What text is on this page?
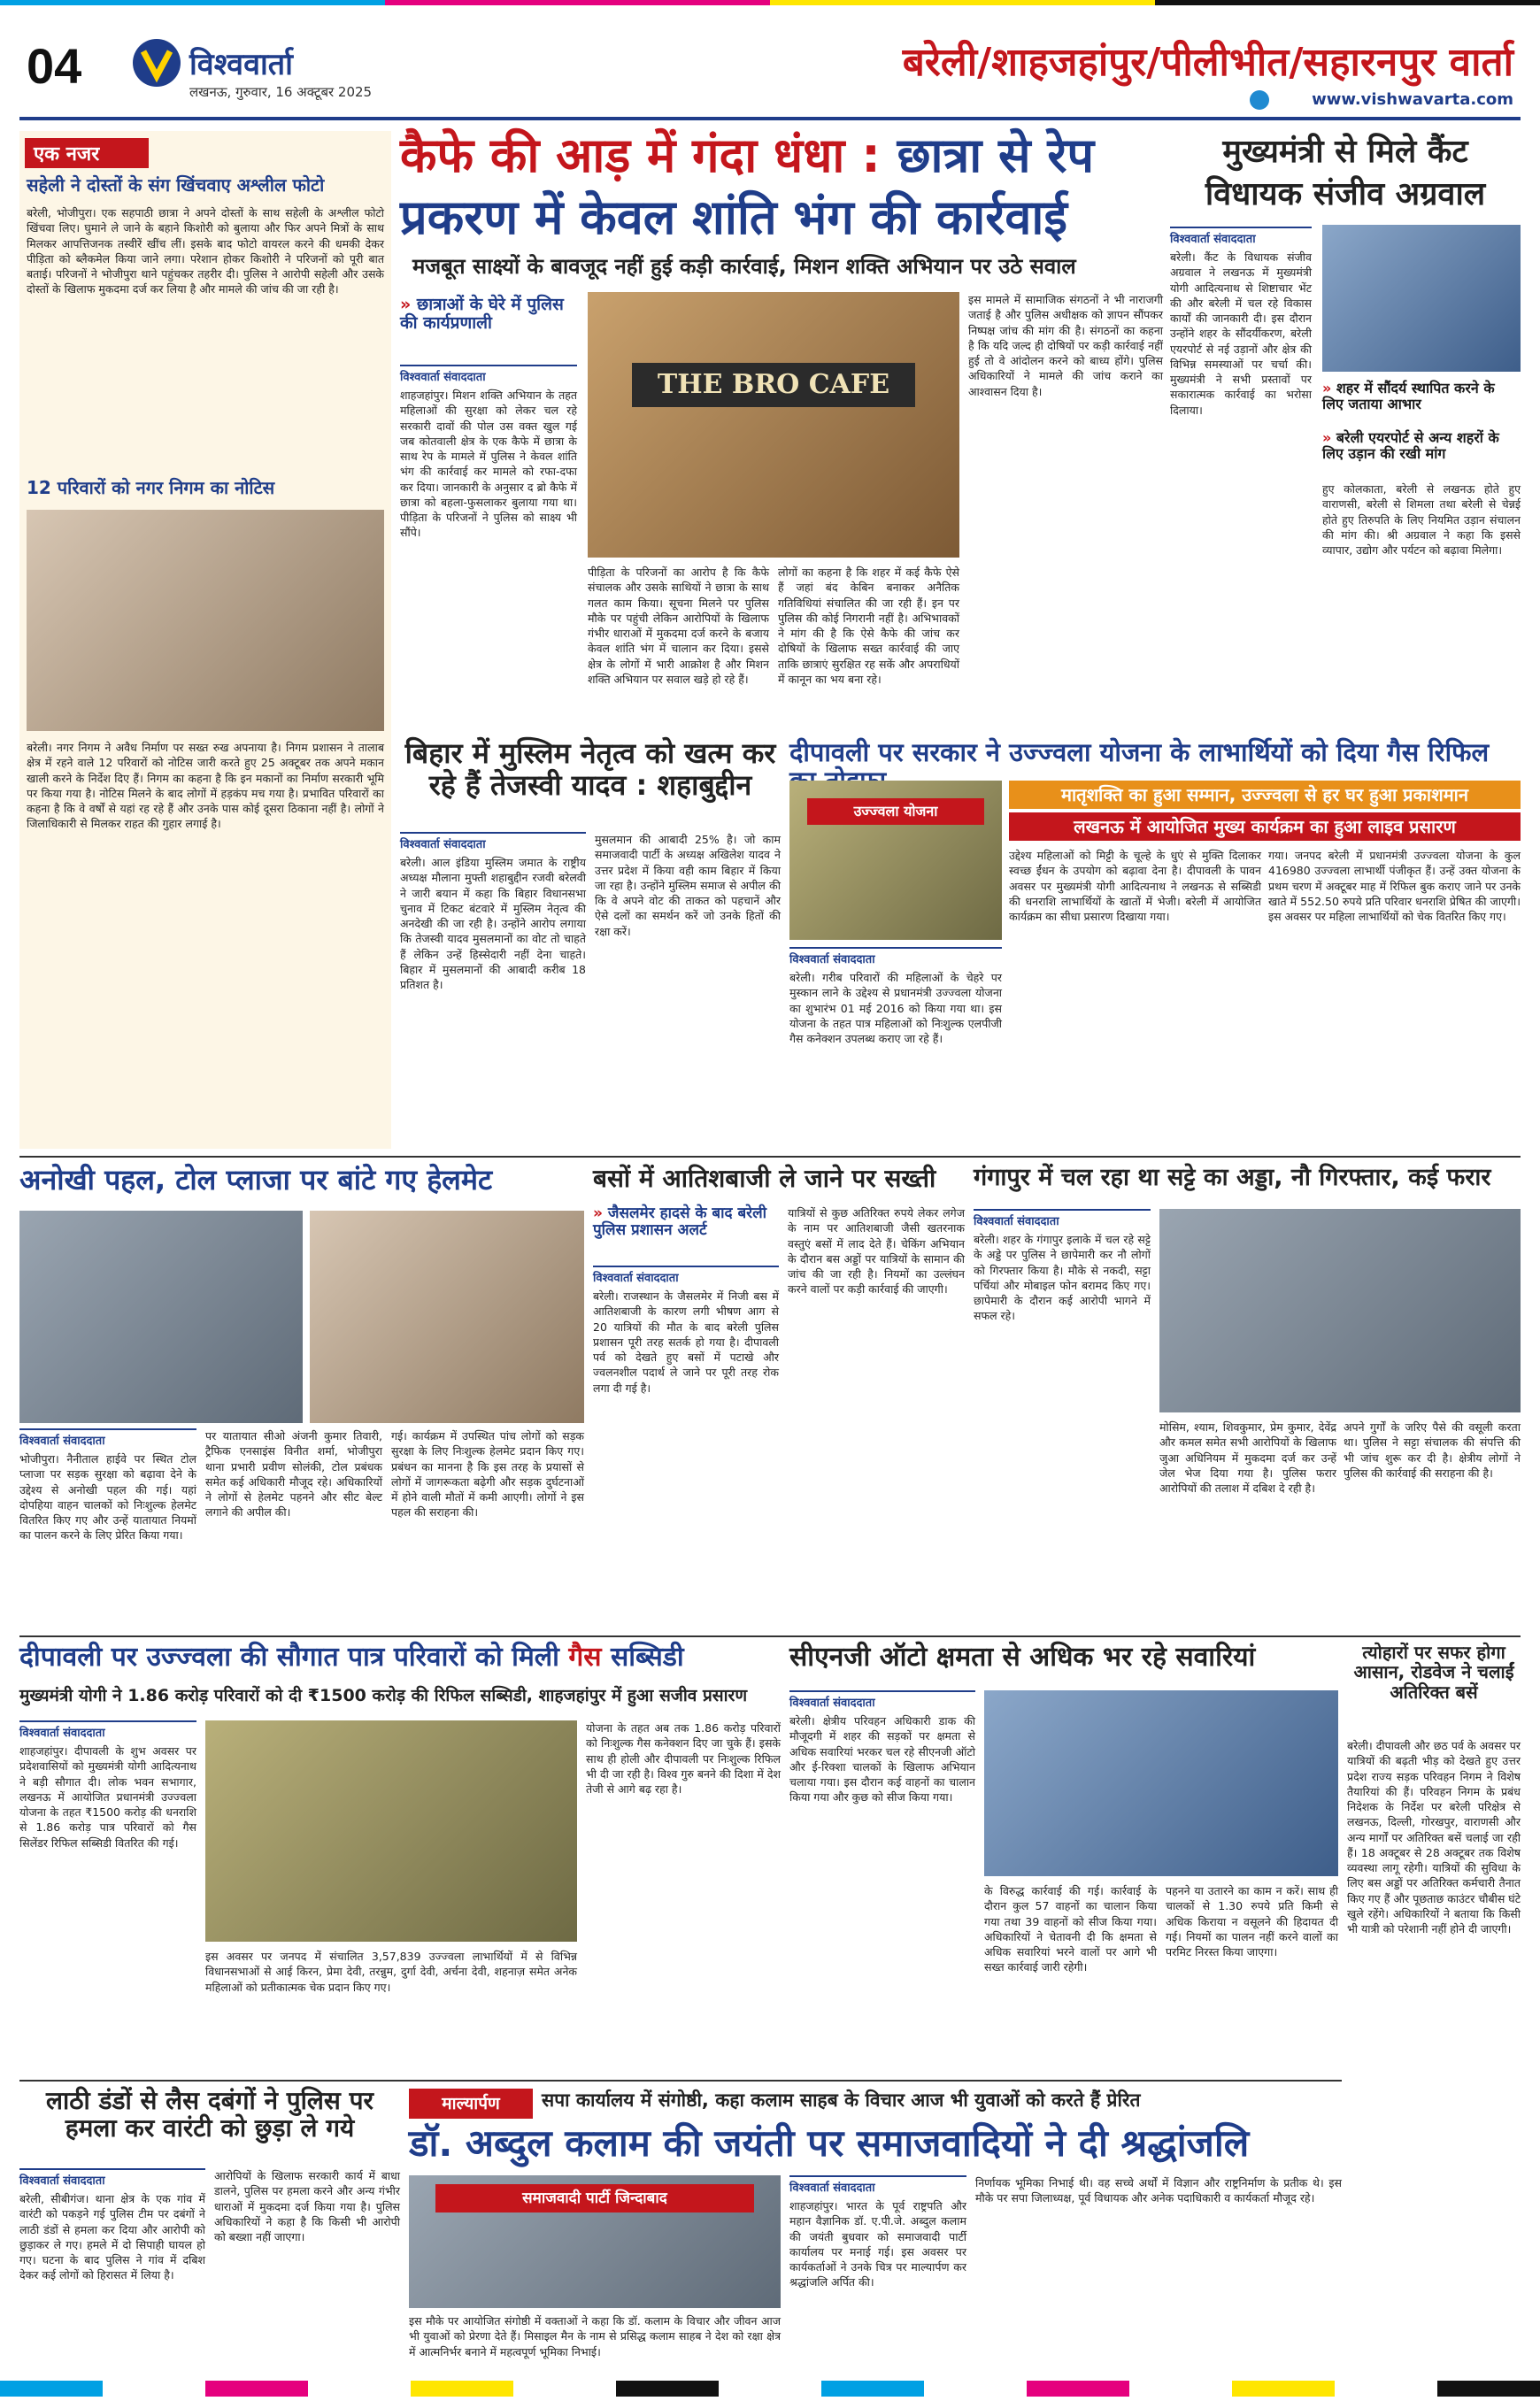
04	विश्ववार्ता
लखनऊ, गुरुवार, 16 अक्टूबर 2025
बरेली/शाहजहांपुर/पीलीभीत/सहारनपुर वार्ता
www.vishwavarta.com
एक नजर
सहेली ने दोस्तों के संग खिंचवाए अश्लील फोटो
बरेली, भोजीपुरा। एक सहपाठी छात्रा ने अपने दोस्तों के साथ सहेली के अश्लील फोटो खिंचवा लिए। घुमाने ले जाने के बहाने किशोरी को बुलाया और फिर अपने मित्रों के साथ मिलकर आपत्तिजनक तस्वीरें खींच लीं। इसके बाद फोटो वायरल करने की धमकी देकर पीड़िता को ब्लैकमेल किया जाने लगा। परेशान होकर किशोरी ने परिजनों को पूरी बात बताई। परिजनों ने भोजीपुरा थाने पहुंचकर तहरीर दी। पुलिस ने आरोपी सहेली और उसके दोस्तों के खिलाफ मुकदमा दर्ज कर लिया है और मामले की जांच की जा रही है।
12 परिवारों को नगर निगम का नोटिस
बरेली। नगर निगम ने अवैध निर्माण पर सख्त रुख अपनाया है। निगम प्रशासन ने तालाब क्षेत्र में रहने वाले 12 परिवारों को नोटिस जारी करते हुए 25 अक्टूबर तक अपने मकान खाली करने के निर्देश दिए हैं। निगम का कहना है कि इन मकानों का निर्माण सरकारी भूमि पर किया गया है। नोटिस मिलने के बाद लोगों में हड़कंप मच गया है। प्रभावित परिवारों का कहना है कि वे वर्षों से यहां रह रहे हैं और उनके पास कोई दूसरा ठिकाना नहीं है। लोगों ने जिलाधिकारी से मिलकर राहत की गुहार लगाई है।
कैफे की आड़ में गंदा धंधा : छात्रा से रेप
प्रकरण में केवल शांति भंग की कार्रवाई
मजबूत साक्ष्यों के बावजूद नहीं हुई कड़ी कार्रवाई, मिशन शक्ति अभियान पर उठे सवाल
» छात्राओं के घेरे में पुलिस की कार्यप्रणाली
THE BRO CAFE
विश्ववार्ता संवाददाता
शाहजहांपुर। मिशन शक्ति अभियान के तहत महिलाओं की सुरक्षा को लेकर चल रहे सरकारी दावों की पोल उस वक्त खुल गई जब कोतवाली क्षेत्र के एक कैफे में छात्रा के साथ रेप के मामले में पुलिस ने केवल शांति भंग की कार्रवाई कर मामले को रफा-दफा कर दिया। जानकारी के अनुसार द ब्रो कैफे में छात्रा को बहला-फुसलाकर बुलाया गया था। पीड़िता के परिजनों ने पुलिस को साक्ष्य भी सौंपे।
पीड़िता के परिजनों का आरोप है कि कैफे संचालक और उसके साथियों ने छात्रा के साथ गलत काम किया। सूचना मिलने पर पुलिस मौके पर पहुंची लेकिन आरोपियों के खिलाफ गंभीर धाराओं में मुकदमा दर्ज करने के बजाय केवल शांति भंग में चालान कर दिया। इससे क्षेत्र के लोगों में भारी आक्रोश है और मिशन शक्ति अभियान पर सवाल खड़े हो रहे हैं।
लोगों का कहना है कि शहर में कई कैफे ऐसे हैं जहां बंद केबिन बनाकर अनैतिक गतिविधियां संचालित की जा रही हैं। इन पर पुलिस की कोई निगरानी नहीं है। अभिभावकों ने मांग की है कि ऐसे कैफे की जांच कर दोषियों के खिलाफ सख्त कार्रवाई की जाए ताकि छात्राएं सुरक्षित रह सकें और अपराधियों में कानून का भय बना रहे।
इस मामले में सामाजिक संगठनों ने भी नाराजगी जताई है और पुलिस अधीक्षक को ज्ञापन सौंपकर निष्पक्ष जांच की मांग की है। संगठनों का कहना है कि यदि जल्द ही दोषियों पर कड़ी कार्रवाई नहीं हुई तो वे आंदोलन करने को बाध्य होंगे। पुलिस अधिकारियों ने मामले की जांच कराने का आश्वासन दिया है।
मुख्यमंत्री से मिले कैंट
विधायक संजीव अग्रवाल
विश्ववार्ता संवाददाता
बरेली। कैंट के विधायक संजीव अग्रवाल ने लखनऊ में मुख्यमंत्री योगी आदित्यनाथ से शिष्टाचार भेंट की और बरेली में चल रहे विकास कार्यों की जानकारी दी। इस दौरान उन्होंने शहर के सौंदर्यीकरण, बरेली एयरपोर्ट से नई उड़ानों और क्षेत्र की विभिन्न समस्याओं पर चर्चा की। मुख्यमंत्री ने सभी प्रस्तावों पर सकारात्मक कार्रवाई का भरोसा दिलाया।
» शहर में सौंदर्य स्थापित करने के लिए जताया आभार
» बरेली एयरपोर्ट से अन्य शहरों के लिए उड़ान की रखी मांग
हुए कोलकाता, बरेली से लखनऊ होते हुए वाराणसी, बरेली से शिमला तथा बरेली से चेन्नई होते हुए तिरुपति के लिए नियमित उड़ान संचालन की मांग की। श्री अग्रवाल ने कहा कि इससे व्यापार, उद्योग और पर्यटन को बढ़ावा मिलेगा।
बिहार में मुस्लिम नेतृत्व को खत्म कर रहे हैं तेजस्वी यादव : शहाबुद्दीन
विश्ववार्ता संवाददाता
बरेली। आल इंडिया मुस्लिम जमात के राष्ट्रीय अध्यक्ष मौलाना मुफ्ती शहाबुद्दीन रजवी बरेलवी ने जारी बयान में कहा कि बिहार विधानसभा चुनाव में टिकट बंटवारे में मुस्लिम नेतृत्व की अनदेखी की जा रही है। उन्होंने आरोप लगाया कि तेजस्वी यादव मुसलमानों का वोट तो चाहते हैं लेकिन उन्हें हिस्सेदारी नहीं देना चाहते। बिहार में मुसलमानों की आबादी करीब 18 प्रतिशत है।
मुसलमान की आबादी 25% है। जो काम समाजवादी पार्टी के अध्यक्ष अखिलेश यादव ने उत्तर प्रदेश में किया वही काम बिहार में किया जा रहा है। उन्होंने मुस्लिम समाज से अपील की कि वे अपने वोट की ताकत को पहचानें और ऐसे दलों का समर्थन करें जो उनके हितों की रक्षा करें।
दीपावली पर सरकार ने उज्ज्वला योजना के लाभार्थियों को दिया गैस रिफिल
मातृशक्ति का हुआ सम्मान, उज्ज्वला से हर घर हुआ प्रकाशमान
लखनऊ में आयोजित मुख्य कार्यक्रम का हुआ लाइव प्रसारण
उज्ज्वला योजना
विश्ववार्ता संवाददाता
बरेली। गरीब परिवारों की महिलाओं के चेहरे पर मुस्कान लाने के उद्देश्य से प्रधानमंत्री उज्ज्वला योजना का शुभारंभ 01 मई 2016 को किया गया था। इस योजना के तहत पात्र महिलाओं को निःशुल्क एलपीजी गैस कनेक्शन उपलब्ध कराए जा रहे हैं।
उद्देश्य महिलाओं को मिट्टी के चूल्हे के धुएं से मुक्ति दिलाकर स्वच्छ ईंधन के उपयोग को बढ़ावा देना है। दीपावली के पावन अवसर पर मुख्यमंत्री योगी आदित्यनाथ ने लखनऊ से सब्सिडी की धनराशि लाभार्थियों के खातों में भेजी। बरेली में आयोजित कार्यक्रम का सीधा प्रसारण दिखाया गया।
गया। जनपद बरेली में प्रधानमंत्री उज्ज्वला योजना के कुल 416980 उज्ज्वला लाभार्थी पंजीकृत हैं। उन्हें उक्त योजना के प्रथम चरण में अक्टूबर माह में रिफिल बुक कराए जाने पर उनके खाते में 552.50 रुपये प्रति परिवार धनराशि प्रेषित की जाएगी। इस अवसर पर महिला लाभार्थियों को चेक वितरित किए गए।
अनोखी पहल, टोल प्लाजा पर बांटे गए हेलमेट
विश्ववार्ता संवाददाता
भोजीपुरा। नैनीताल हाईवे पर स्थित टोल प्लाजा पर सड़क सुरक्षा को बढ़ावा देने के उद्देश्य से अनोखी पहल की गई। यहां दोपहिया वाहन चालकों को निःशुल्क हेलमेट वितरित किए गए और उन्हें यातायात नियमों का पालन करने के लिए प्रेरित किया गया।
पर यातायात सीओ अंजनी कुमार तिवारी, ट्रैफिक एनसाइंस विनीत शर्मा, भोजीपुरा थाना प्रभारी प्रवीण सोलंकी, टोल प्रबंधक समेत कई अधिकारी मौजूद रहे। अधिकारियों ने लोगों से हेलमेट पहनने और सीट बेल्ट लगाने की अपील की।
गई। कार्यक्रम में उपस्थित पांच लोगों को सड़क सुरक्षा के लिए निःशुल्क हेलमेट प्रदान किए गए। प्रबंधन का मानना है कि इस तरह के प्रयासों से लोगों में जागरूकता बढ़ेगी और सड़क दुर्घटनाओं में होने वाली मौतों में कमी आएगी। लोगों ने इस पहल की सराहना की।
बसों में आतिशबाजी ले जाने पर सख्ती
» जैसलमेर हादसे के बाद बरेली पुलिस प्रशासन अलर्ट
विश्ववार्ता संवाददाता
बरेली। राजस्थान के जैसलमेर में निजी बस में आतिशबाजी के कारण लगी भीषण आग से 20 यात्रियों की मौत के बाद बरेली पुलिस प्रशासन पूरी तरह सतर्क हो गया है। दीपावली पर्व को देखते हुए बसों में पटाखे और ज्वलनशील पदार्थ ले जाने पर पूरी तरह रोक लगा दी गई है।
यात्रियों से कुछ अतिरिक्त रुपये लेकर लगेज के नाम पर आतिशबाजी जैसी खतरनाक वस्तुएं बसों में लाद देते हैं। चेकिंग अभियान के दौरान बस अड्डों पर यात्रियों के सामान की जांच की जा रही है। नियमों का उल्लंघन करने वालों पर कड़ी कार्रवाई की जाएगी।
गंगापुर में चल रहा था सट्टे का अड्डा, नौ गिरफ्तार, कई फरार
विश्ववार्ता संवाददाता
बरेली। शहर के गंगापुर इलाके में चल रहे सट्टे के अड्डे पर पुलिस ने छापेमारी कर नौ लोगों को गिरफ्तार किया है। मौके से नकदी, सट्टा पर्चियां और मोबाइल फोन बरामद किए गए। छापेमारी के दौरान कई आरोपी भागने में सफल रहे।
मोसिम, श्याम, शिवकुमार, प्रेम कुमार, देवेंद्र और कमल समेत सभी आरोपियों के खिलाफ जुआ अधिनियम में मुकदमा दर्ज कर उन्हें जेल भेज दिया गया है। पुलिस फरार आरोपियों की तलाश में दबिश दे रही है।
अपने गुर्गों के जरिए पैसे की वसूली करता था। पुलिस ने सट्टा संचालक की संपत्ति की भी जांच शुरू कर दी है। क्षेत्रीय लोगों ने पुलिस की कार्रवाई की सराहना की है।
दीपावली पर उज्ज्वला की सौगात पात्र परिवारों को मिली गैस सब्सिडी
मुख्यमंत्री योगी ने 1.86 करोड़ परिवारों को दी ₹1500 करोड़ की रिफिल सब्सिडी, शाहजहांपुर में हुआ सजीव प्रसारण
विश्ववार्ता संवाददाता
शाहजहांपुर। दीपावली के शुभ अवसर पर प्रदेशवासियों को मुख्यमंत्री योगी आदित्यनाथ ने बड़ी सौगात दी। लोक भवन सभागार, लखनऊ में आयोजित प्रधानमंत्री उज्ज्वला योजना के तहत ₹1500 करोड़ की धनराशि से 1.86 करोड़ पात्र परिवारों को गैस सिलेंडर रिफिल सब्सिडी वितरित की गई।
इस अवसर पर जनपद में संचालित 3,57,839 उज्ज्वला लाभार्थियों में से विभिन्न विधानसभाओं से आई किरन, प्रेमा देवी, तरन्नुम, दुर्गा देवी, अर्चना देवी, शहनाज़ समेत अनेक महिलाओं को प्रतीकात्मक चेक प्रदान किए गए।
योजना के तहत अब तक 1.86 करोड़ परिवारों को निःशुल्क गैस कनेक्शन दिए जा चुके हैं। इसके साथ ही होली और दीपावली पर निःशुल्क रिफिल भी दी जा रही है। विश्व गुरु बनने की दिशा में देश तेजी से आगे बढ़ रहा है।
सीएनजी ऑटो क्षमता से अधिक भर रहे सवारियां
विश्ववार्ता संवाददाता
बरेली। क्षेत्रीय परिवहन अधिकारी डाक की मौजूदगी में शहर की सड़कों पर क्षमता से अधिक सवारियां भरकर चल रहे सीएनजी ऑटो और ई-रिक्शा चालकों के खिलाफ अभियान चलाया गया। इस दौरान कई वाहनों का चालान किया गया और कुछ को सीज किया गया।
के विरुद्ध कार्रवाई की गई। कार्रवाई के दौरान कुल 57 वाहनों का चालान किया गया तथा 39 वाहनों को सीज किया गया। अधिकारियों ने चेतावनी दी कि क्षमता से अधिक सवारियां भरने वालों पर आगे भी सख्त कार्रवाई जारी रहेगी।
पहनने या उतारने का काम न करें। साथ ही चालकों से 1.30 रुपये प्रति किमी से अधिक किराया न वसूलने की हिदायत दी गई। नियमों का पालन नहीं करने वालों का परमिट निरस्त किया जाएगा।
त्योहारों पर सफर होगा आसान, रोडवेज ने चलाईं अतिरिक्त बसें
बरेली। दीपावली और छठ पर्व के अवसर पर यात्रियों की बढ़ती भीड़ को देखते हुए उत्तर प्रदेश राज्य सड़क परिवहन निगम ने विशेष तैयारियां की हैं। परिवहन निगम के प्रबंध निदेशक के निर्देश पर बरेली परिक्षेत्र से लखनऊ, दिल्ली, गोरखपुर, वाराणसी और अन्य मार्गों पर अतिरिक्त बसें चलाई जा रही हैं। 18 अक्टूबर से 28 अक्टूबर तक विशेष व्यवस्था लागू रहेगी। यात्रियों की सुविधा के लिए बस अड्डों पर अतिरिक्त कर्मचारी तैनात किए गए हैं और पूछताछ काउंटर चौबीस घंटे खुले रहेंगे। अधिकारियों ने बताया कि किसी भी यात्री को परेशानी नहीं होने दी जाएगी।
लाठी डंडों से लैस दबंगों ने पुलिस पर हमला कर वारंटी को छुड़ा ले गये
विश्ववार्ता संवाददाता
बरेली, सीबीगंज। थाना क्षेत्र के एक गांव में वारंटी को पकड़ने गई पुलिस टीम पर दबंगों ने लाठी डंडों से हमला कर दिया और आरोपी को छुड़ाकर ले गए। हमले में दो सिपाही घायल हो गए। घटना के बाद पुलिस ने गांव में दबिश देकर कई लोगों को हिरासत में लिया है।
आरोपियों के खिलाफ सरकारी कार्य में बाधा डालने, पुलिस पर हमला करने और अन्य गंभीर धाराओं में मुकदमा दर्ज किया गया है। पुलिस अधिकारियों ने कहा है कि किसी भी आरोपी को बख्शा नहीं जाएगा।
माल्यार्पण	सपा कार्यालय में संगोष्ठी, कहा कलाम साहब के विचार आज भी युवाओं को करते हैं प्रेरित
डॉ. अब्दुल कलाम की जयंती पर समाजवादियों ने दी श्रद्धांजलि
समाजवादी पार्टी जिन्दाबाद
विश्ववार्ता संवाददाता
शाहजहांपुर। भारत के पूर्व राष्ट्रपति और महान वैज्ञानिक डॉ. ए.पी.जे. अब्दुल कलाम की जयंती बुधवार को समाजवादी पार्टी कार्यालय पर मनाई गई। इस अवसर पर कार्यकर्ताओं ने उनके चित्र पर माल्यार्पण कर श्रद्धांजलि अर्पित की।
इस मौके पर आयोजित संगोष्ठी में वक्ताओं ने कहा कि डॉ. कलाम के विचार और जीवन आज भी युवाओं को प्रेरणा देते हैं। मिसाइल मैन के नाम से प्रसिद्ध कलाम साहब ने देश को रक्षा क्षेत्र में आत्मनिर्भर बनाने में महत्वपूर्ण भूमिका निभाई।
निर्णायक भूमिका निभाई थी। वह सच्चे अर्थों में विज्ञान और राष्ट्रनिर्माण के प्रतीक थे। इस मौके पर सपा जिलाध्यक्ष, पूर्व विधायक और अनेक पदाधिकारी व कार्यकर्ता मौजूद रहे।
